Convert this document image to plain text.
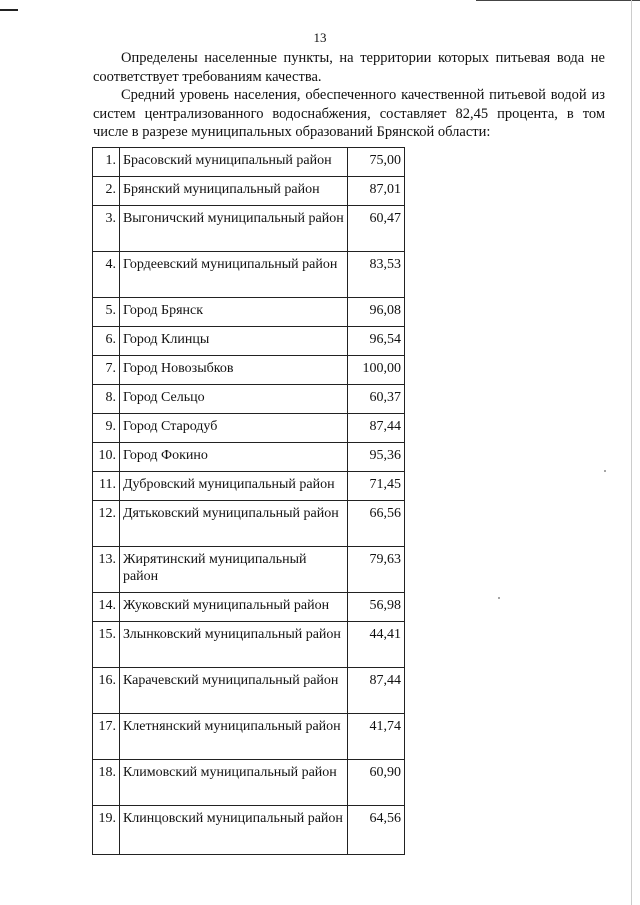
13

Определены населенные пункты, на территории которых питьевая вода не соответствует требованиям качества.

Средний уровень населения, обеспеченного качественной питьевой водой из систем централизованного водоснабжения, составляет 82,45 процента, в том числе в разрезе муниципальных образований Брянской области:

1.	Брасовский муниципальный район	75,00
2.	Брянский муниципальный район	87,01
3.	Выгоничский муниципальный район	60,47
4.	Гордеевский муниципальный район	83,53
5.	Город Брянск	96,08
6.	Город Клинцы	96,54
7.	Город Новозыбков	100,00
8.	Город Сельцо	60,37
9.	Город Стародуб	87,44
10.	Город Фокино	95,36
11.	Дубровский муниципальный район	71,45
12.	Дятьковский муниципальный район	66,56
13.	Жирятинский муниципальный район	79,63
14.	Жуковский муниципальный район	56,98
15.	Злынковский муниципальный район	44,41
16.	Карачевский муниципальный район	87,44
17.	Клетнянский муниципальный район	41,74
18.	Климовский муниципальный район	60,90
19.	Клинцовский муниципальный район	64,56
